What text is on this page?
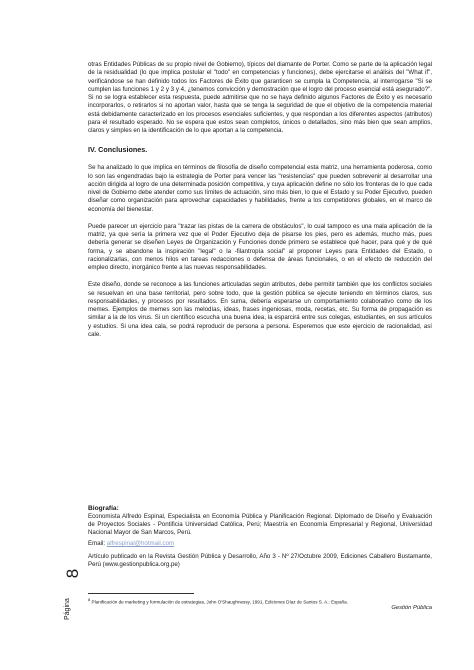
otras Entidades Públicas de su propio nivel de Gobierno), típicos del diamante de Porter. Como se parte de la aplicación legal de la residualidad (lo que implica postular el "todo" en competencias y funciones), debe ejercitarse el análisis del "What if", verificándose se han definido todos los Factores de Éxito que garanticen se cumpla la Competencia, al interrogarse "Si se cumplen las funciones 1 y 2 y 3 y 4, ¿tenemos convicción y demostración que el logro del proceso esencial está asegurado?". Si no se logra establecer esta respuesta, puede admitirse que no se haya definido algunos Factores de Éxito y es necesario incorporarlos, o retirarlos si no aportan valor, hasta que se tenga la seguridad de que el objetivo de la competencia material está debidamente caracterizado en los procesos esenciales suficientes, y que respondan a los diferentes aspectos (atributos) para el resultado esperado. No se espera que estos sean completos, únicos o detallados, sino más bien que sean amplios, claros y simples en la identificación de lo que aportan a la competencia.

IV. Conclusiones.

Se ha analizado lo que implica en términos de filosofía de diseño competencial esta matriz, una herramienta poderosa, como lo son las engendradas bajo la estrategia de Porter para vencer las "resistencias" que pueden sobrevenir al desarrollar una acción dirigida al logro de una determinada posición competitiva, y cuya aplicación define no sólo los fronteras de lo que cada nivel de Gobierno debe atender como sus límites de actuación, sino más bien, lo que el Estado y su Poder Ejecutivo, pueden diseñar como organización para aprovechar capacidades y habilidades, frente a los competidores globales, en el marco de economía del bienestar.

Puede parecer un ejercicio para "trazar las pistas de la carrera de obstáculos", lo cual tampoco es una mala aplicación de la matriz, ya que sería la primera vez que el Poder Ejecutivo deja de pisarse los pies, pero es además, mucho más, pues debería generar se diseñen Leyes de Organización y Funciones donde primero se establece qué hacer, para qué y de qué forma, y se abandone la inspiración "legal" o la -filantropía social" al proponer Leyes para Entidades del Estado, o racionalizarlas, con menos hilos en tareas redacciones o defensa de áreas funcionales, o en el efecto de reducción del empleo directo, inorgánico frente a las nuevas responsabilidades.

Este diseño, donde se reconoce a las funciones articuladas según atributos, debe permitir también que los conflictos sociales se resuelvan en una base territorial, pero sobre todo, que la gestión pública se ejecute teniendo en términos claros, sus responsabilidades, y procesos por resultados. En suma, debería esperarse un comportamiento colaborativo como de los memes. Ejemplos de memes son las melodías, ideas, frases ingeniosas, moda, recetas, etc. Su forma de propagación es similar a la de los virus. Si un científico escucha una buena idea, la esparcirá entre sus colegas, estudiantes, en sus artículos y estudios. Si una idea cala, se podrá reproducir de persona a persona. Esperemos que este ejercicio de racionalidad, así cale.

Biografía:

Economista Alfredo Espinal, Especialista en Economía Pública y Planificación Regional. Diplomado de Diseño y Evaluación de Proyectos Sociales - Pontificia Universidad Católica, Perú; Maestría en Economía Empresarial y Regional, Universidad Nacional Mayor de San Marcos, Perú.

Email: alfrespinal@hotmail.com

Artículo publicado en la Revista Gestión Pública y Desarrollo, Año 3 - Nº 27/Octubre 2009, Ediciones Caballero Bustamante, Perú (www.gestionpublica.org.pe)

$^8$ Planificación de marketing y formulación de estrategias, John O'Shaughnessy, 1991. Ediciones Díaz de Santos S. A.: España.
Página
8
Gestión Pública
